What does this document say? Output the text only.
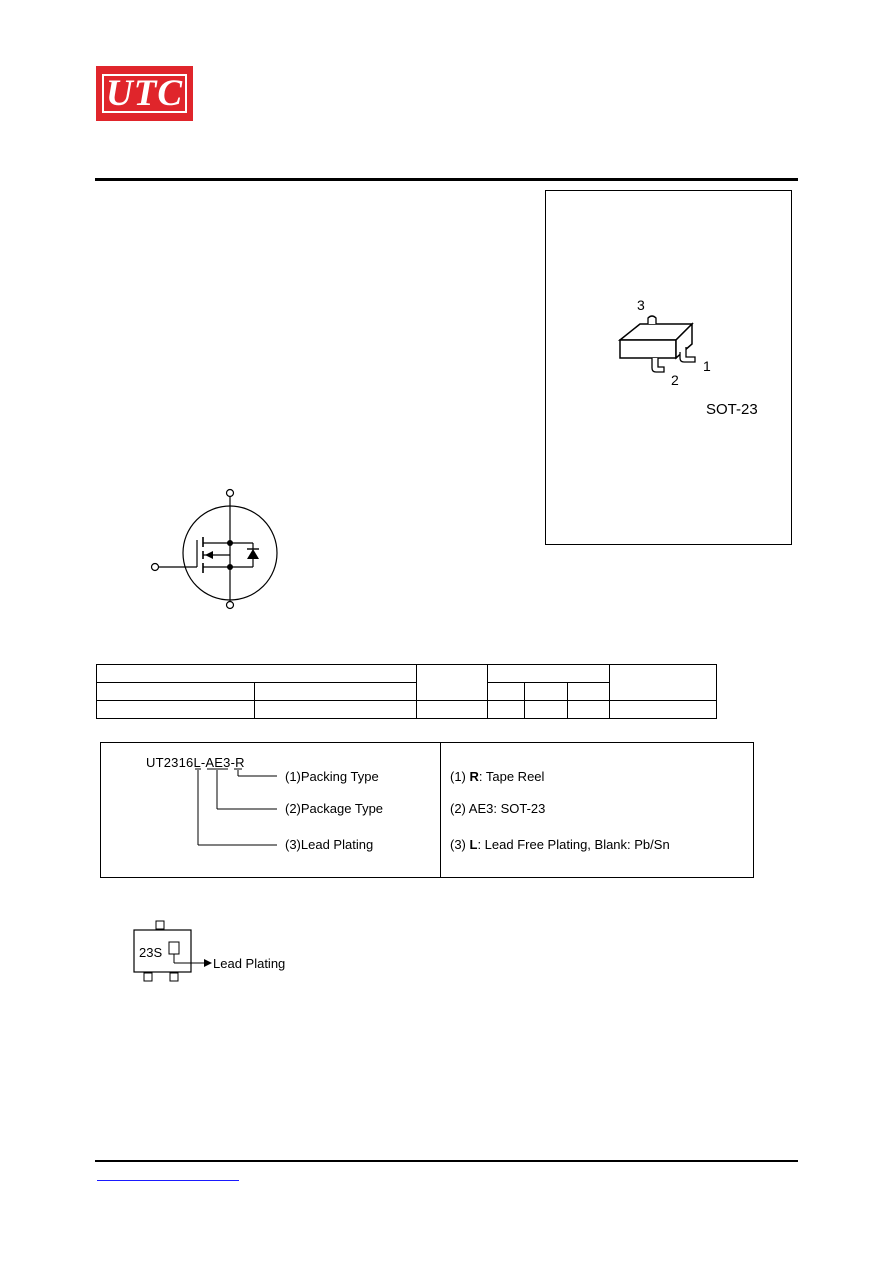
UTC
3
2
1
SOT-23

UT2316L-AE3-R
(1)Packing Type
(2)Package Type
(3)Lead Plating
(1) R: Tape Reel
(2) AE3: SOT-23
(3) L: Lead Free Plating, Blank: Pb/Sn
23S
Lead Plating
